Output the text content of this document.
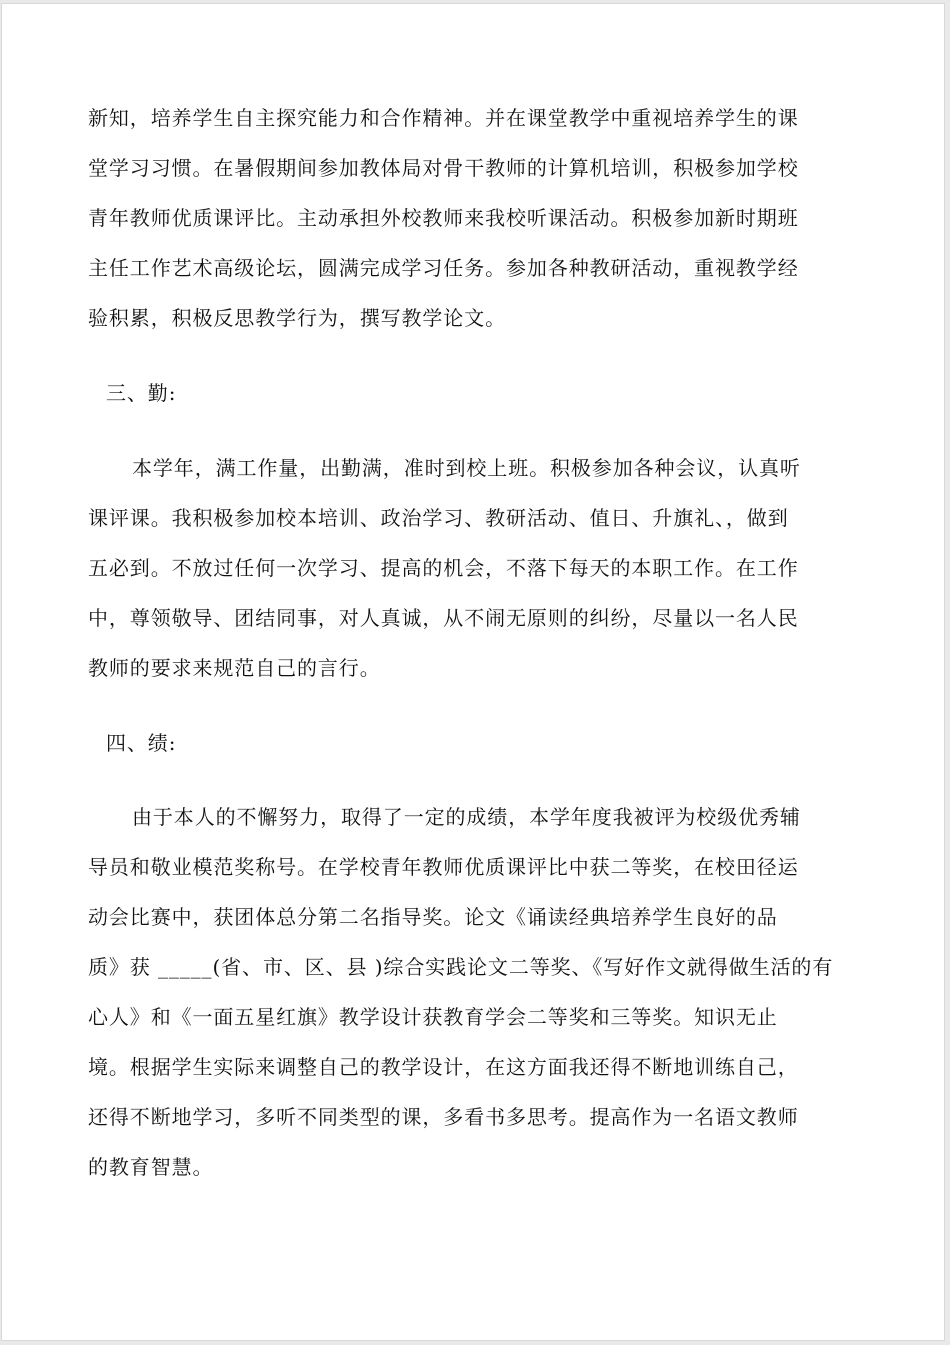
新知，培养学生自主探究能力和合作精神。并在课堂教学中重视培养学生的课

堂学习习惯。在暑假期间参加教体局对骨干教师的计算机培训，积极参加学校

青年教师优质课评比。主动承担外校教师来我校听课活动。积极参加新时期班

主任工作艺术高级论坛，圆满完成学习任务。参加各种教研活动，重视教学经

验积累，积极反思教学行为，撰写教学论文。

三、勤:

本学年，满工作量，出勤满，准时到校上班。积极参加各种会议，认真听

课评课。我积极参加校本培训、政治学习、教研活动、值日、升旗礼、，做到

五必到。不放过任何一次学习、提高的机会，不落下每天的本职工作。在工作

中，尊领敬导、团结同事，对人真诚，从不闹无原则的纠纷，尽量以一名人民

教师的要求来规范自己的言行。

四、绩:

由于本人的不懈努力，取得了一定的成绩，本学年度我被评为校级优秀辅

导员和敬业模范奖称号。在学校青年教师优质课评比中获二等奖，在校田径运

动会比赛中，获团体总分第二名指导奖。论文《诵读经典培养学生良好的品

质》获 _____(省、市、区、县 )综合实践论文二等奖、《写好作文就得做生活的有

心人》和《一面五星红旗》教学设计获教育学会二等奖和三等奖。知识无止

境。根据学生实际来调整自己的教学设计，在这方面我还得不断地训练自己，

还得不断地学习，多听不同类型的课，多看书多思考。提高作为一名语文教师

的教育智慧。
